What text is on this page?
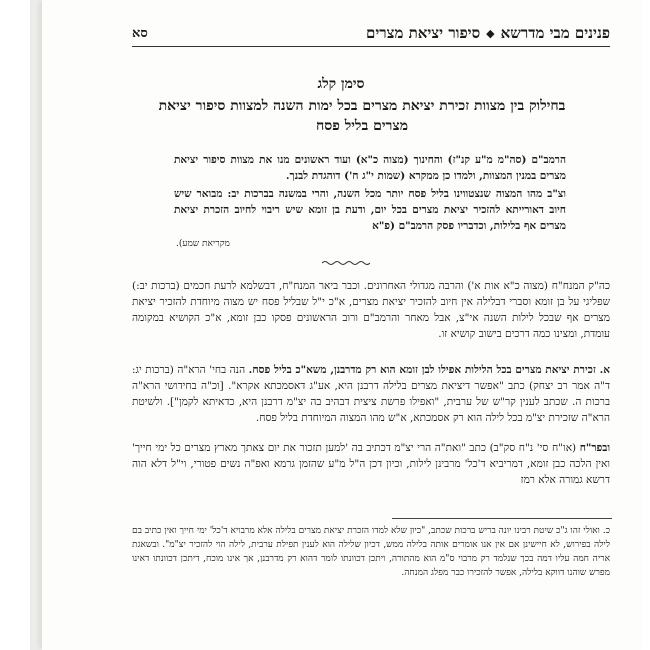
פנינים מבי מדרשא
◆
סיפור יציאת מצרים
סא
סימן קלג
בחילוק בין מצוות זכירת יציאת מצרים בכל ימות השנה למצוות סיפור יציאת מצרים בליל פסח
הרמב"ם (סה"מ מ"ע קנ"ז) והחינוך (מצוה כ"א) ועוד ראשונים מנו את מצוות סיפור יציאת מצרים במנין המצוות, ולמדו כן ממקרא (שמות י"ג ח') דוהגדת לבנך.
וצ"ב מהו המצוה שנצטווינו בליל פסח יותר מכל השנה, והרי במשנה בברכות יב: מבואר שיש חיוב דאורייתא להזכיר יציאת מצרים בכל יום, ודעת בן זומא שיש ריבוי לחיוב הזכרת יציאת מצרים אף בלילות, וכדבריו פסק הרמב"ם (פ"א
מקריאת שמע).
כה"ק המנח"ח (מצוה כ"א אות א') והרבה מגדולי האחרונים. וכבר ביאר המנח"ח, דבשלמא לרעת חכמים (ברכות יב:) שפליגי על בן זומא וסברי דבלילה אין חיוב להזכיר יציאת מצרים, א"כ י"ל שבליל פסח יש מצוה מיוחדת להזכיר יציאת מצרים אף שבכל לילות השנה אי"צ, אבל מאחר והרמב"ם ורוב הראשונים פסקו כבן זומא, א"כ הקושיא במקומה עומדת, ומצינו כמה דרכים בישוב קושיא זו.
א. זכירת יציאת מצרים בכל הלילות אפילו לבן זומא הוא רק מדרבנן, משא"כ בליל פסח. הנה בחי' הרא"ה (ברכות יג: ד"ה אמר רב יצחק) כתב "אפשר דיציאת מצרים בלילה דרבנן היא, אע"ג דאסמכתא אקרא". [וכ"ה בחידושי הרא"ה ברכות ה. שכתב לענין קר"ש של ערבית, "ואפילו פרשת ציצית דבהיב בה יצ"מ דרבנן היא, כדאיתא לקמן"]. ולשיטת הרא"ה שזכירת יצ"מ בכל לילה הוא רק אסמכתא, א"ש מהו המצוה המיוחדת בליל פסח.
ובפר"ח (או"ח סי' נ"ח סק"ב) כתב "ואת"ה הרי יצ"מ דכתיב בה 'למען תזכור את יום צאתך מארץ מצרים כל ימי חייך' ואין הלכה כבן זומא, דמריביא ד'כל' מרבינן לילות, וכיון דכן ה"ל מ"ע שהזמן גרמא ואפ"ה נשים פטורי, וי"ל דלא הוה דרשא גמורה אלא רמז
כ. ואולי זהו ג"כ שיטת רבינו יונה בריש ברכות שכתב, "כיון שלא למדו הזכרת יציאת מצרים בלילה אלא מרבויא ד'כל' ימי חייך ואין כתיב בם לילה בפירוש, לא חיישינן אם אין אנו אומרים אותה בלילה ממש, דכיון שלילה הוא לענין תפילת ערבית, לילה הוי להזכיר יצ"מ". ובשאגת אריה חמה עליו דמה בכך שנלמד רק מרבוי ס"מ הוא מהתורה, ויתכן דכוונתו לומר דהוא רק מדרבנן, אך אינו מוכח, דיתכן דכוונתו דאינו מפרש שוהנו דווקא בלילה, אפשר להזכירו כבר מפלג המנחה.
